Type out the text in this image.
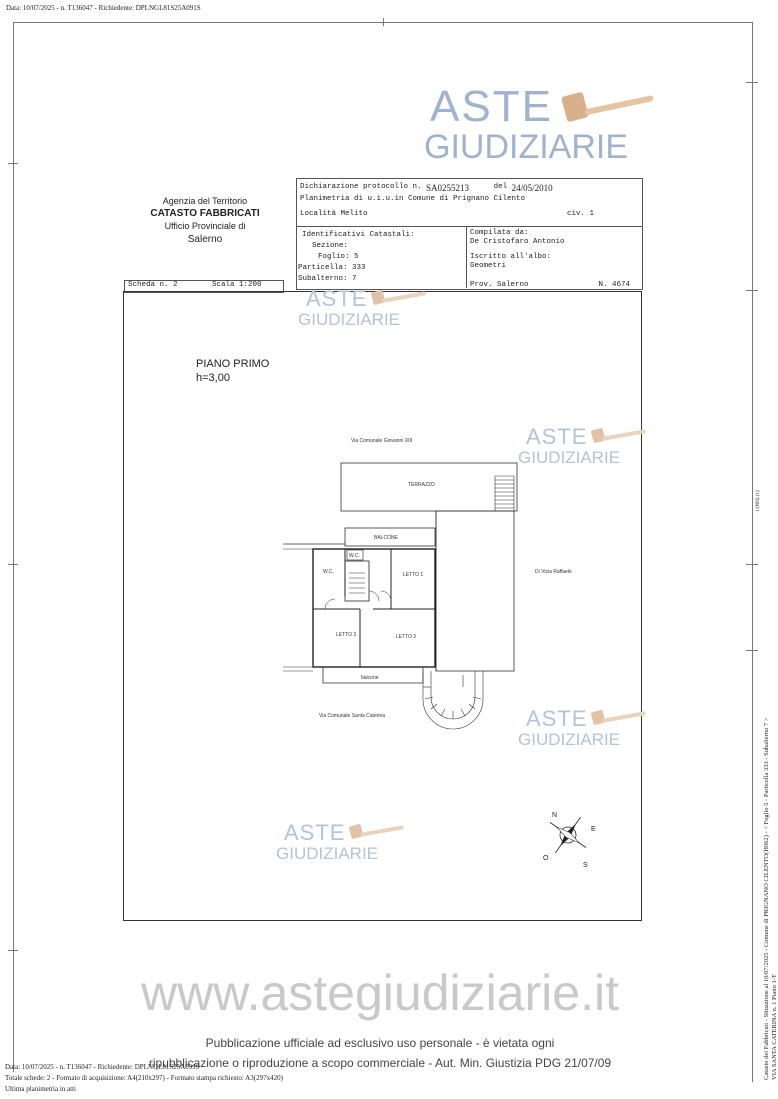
Data: 10/07/2025 - n. T136047 - Richiedente: DPLNGL81S25A091S
ASTE
GIUDIZIARIE
Agenzia del Territorio
CATASTO FABBRICATI
Ufficio Provinciale di
Salerno
Dichiarazione protocollo n. SA0255213	del 24/05/2010
Planimetria di u.i.u.in Comune di Prignano Cilento
Località Melito	civ. 1
Identificativi Catastali:
Sezione:
Foglio: 5
Particella: 333
Subalterno: 7
Compilata da:
De Cristofaro Antonio
Iscritto all'albo:
Geometri
Prov. Salerno	N. 4674
Scheda n. 2	Scala 1:200
ASTE
GIUDIZIARIE
PIANO PRIMO
h=3,00
Via Comunale Giovanni XIII
TERRAZZO
Di Vizia Raffaele
BALCONE
W.C.
W.C.
LETTO 1
LETTO 2
LETTO 3
balcone
Via Comunale Santa Caterina
N
E
S
O
ASTE
GIUDIZIARIE
ASTE
GIUDIZIARIE
ASTE
GIUDIZIARIE
www.astegiudiziarie.it
Pubblicazione ufficiale ad esclusivo uso personale - è vietata ogni
ripubblicazione o riproduzione a scopo commerciale - Aut. Min. Giustizia PDG 21/07/09
Data: 10/07/2025 - n. T136047 - Richiedente: DPLNGL81S25A091S
Totale schede: 2 - Formato di acquisizione: A4(210x297) - Formato stampa richiesto: A3(297x420)
Ultima planimetria in atti
Catasto dei Fabbricati - Situazione al 10/07/2025 - Comune di PRIGNANO CILENTO(H062) - < Foglio 5 - Particella 333 - Subalterno 7 > VIA SANTA CATERINA n. 1 Piano 1-T
1/(NN) (1)
